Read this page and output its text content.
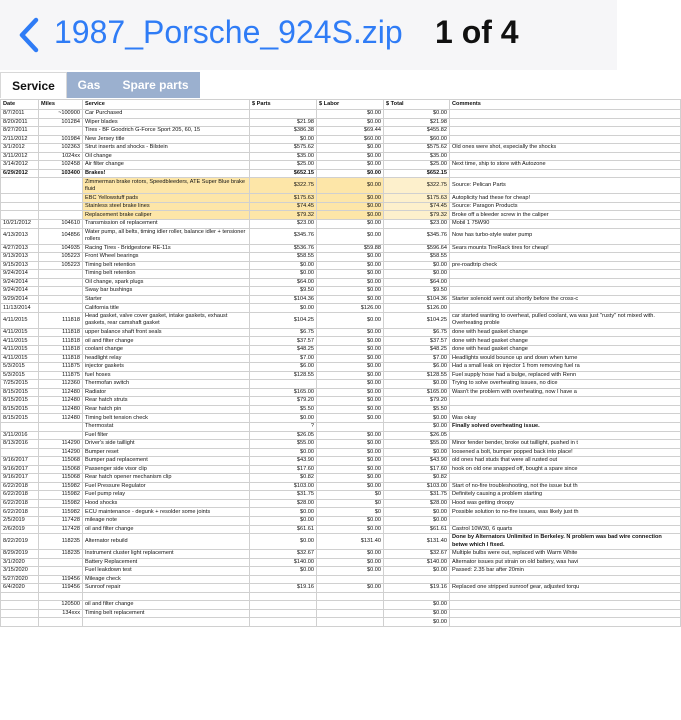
1987_Porsche_924S.zip 1 of 4
Service	Gas	Spare parts
Date	Miles	Service	$ Parts	$ Labor	$ Total	Comments
8/7/2011	~100900	Car Purchased		$0.00	$0.00	
8/20/2011	101284	Wiper blades	$21.98	$0.00	$21.98	
8/27/2011		Tires - BF Goodrich G-Force Sport 205, 60, 15	$386.38	$69.44	$455.82	
2/11/2012	101984	New Jersey title	$0.00	$60.00	$60.00	
3/1/2012	102363	Strut inserts and shocks - Bilstein	$575.62	$0.00	$575.62	Old ones were shot, especially the shocks
3/11/2012	1024xx	Oil change	$35.00	$0.00	$35.00	
3/14/2012	102458	Air filter change	$25.00	$0.00	$25.00	Next time, ship to store with Autozone
6/29/2012	103400	Brakes!	$652.15	$0.00	$652.15	
		Zimmerman brake rotors, Speedbleeders, ATE Super Blue brake fluid	$322.75	$0.00	$322.75	Source: Pelican Parts
		EBC Yellowstuff pads	$175.63	$0.00	$175.63	Autoplicity had these for cheap!
		Stainless steel brake lines	$74.45	$0.00	$74.45	Source: Paragon Products
		Replacement brake caliper	$79.32	$0.00	$79.32	Broke off a bleeder screw in the caliper
10/21/2012	104610	Transmission oil replacement	$23.00	$0.00	$23.00	Mobil 1 75W90
4/13/2013	104856	Water pump, all belts, timing idler roller, balance idler + tensioner rollers	$345.76	$0.00	$345.76	Now has turbo-style water pump
4/27/2013	104935	Racing Tires - Bridgestone RE-11s	$536.76	$59.88	$596.64	Sears mounts TireRack tires for cheap!
9/13/2013	105223	Front Wheel bearings	$58.55	$0.00	$58.55	
9/15/2013	105223	Timing belt retention	$0.00	$0.00	$0.00	pre-roadtrip check
9/24/2014		Timing belt retention	$0.00	$0.00	$0.00	
9/24/2014		Oil change, spark plugs	$64.00	$0.00	$64.00	
9/24/2014		Sway bar bushings	$9.50	$0.00	$9.50	
9/29/2014		Starter	$104.36	$0.00	$104.36	Starter solenoid went out shortly before the cross-c
11/13/2014		California title	$0.00	$126.00	$126.00	
4/11/2015	111818	Head gasket, valve cover gasket, intake gaskets, exhaust gaskets, rear camshaft gasket	$104.25	$0.00	$104.25	car started wanting to overheat, pulled coolant, wa was just "rusty" not mixed with. Overheating proble
4/11/2015	111818	upper balance shaft front seals	$6.75	$0.00	$6.75	done with head gasket change
4/11/2015	111818	oil and filter change	$37.57	$0.00	$37.57	done with head gasket change
4/11/2015	111818	coolant change	$48.25	$0.00	$48.25	done with head gasket change
4/11/2015	111818	headlight relay	$7.00	$0.00	$7.00	Headlights would bounce up and down when turne
5/3/2015	111875	injector gaskets	$6.00	$0.00	$6.00	Had a small leak on injector 1 from removing fuel ra
5/3/2015	111875	fuel hoses	$128.55	$0.00	$128.55	Fuel supply hose had a bulge, replaced with Renn
7/25/2015	112360	Thermofan switch		$0.00	$0.00	Trying to solve overheating issues, no dice
8/15/2015	112480	Radiator	$165.00	$0.00	$165.00	Wasn't the problem with overheating, now I have a
8/15/2015	112480	Rear hatch struts	$79.20	$0.00	$79.20	
8/15/2015	112480	Rear hatch pin	$5.50	$0.00	$5.50	
8/15/2015	112480	Timing belt tension check	$0.00	$0.00	$0.00	Was okay
		Thermostat	?		$0.00	Finally solved overheating issue.
3/11/2016		Fuel filter	$26.05	$0.00	$26.05	
8/13/2016	114290	Driver's side taillight	$55.00	$0.00	$55.00	Minor fender bender, broke out taillight, pushed in t
	114290	Bumper reset	$0.00	$0.00	$0.00	loosened a bolt, bumper popped back into place!
9/16/2017	115068	Bumper pad replacement	$43.90	$0.00	$43.90	old ones had studs that were all rusted out
9/16/2017	115068	Passenger side visor clip	$17.60	$0.00	$17.60	hook on old one snapped off, bought a spare since
9/16/2017	115068	Rear hatch opener mechanism clip	$0.82	$0.00	$0.82	
6/22/2018	115982	Fuel Pressure Regulator	$103.00	$0.00	$103.00	Start of no-fire troubleshooting, not the issue but th
6/22/2018	115982	Fuel pump relay	$31.75	$0	$31.75	Definitely causing a problem starting
6/22/2018	115982	Hood shocks	$28.00	$0	$28.00	Hood was getting droopy
6/22/2018	115982	ECU maintenance - degunk + resolder some joints	$0.00	$0	$0.00	Possible solution to no-fire issues, was likely just th
2/5/2019	117428	mileage note	$0.00	$0.00	$0.00	
2/6/2019	117428	oil and filter change	$61.61	$0.00	$61.61	Castrol 10W30, 6 quarts
8/22/2019	118235	Alternator rebuild	$0.00	$131.40	$131.40	Done by Alternators Unlimited in Berkeley. N problem was bad wire connection betwe which I fixed.
8/29/2019	118235	Instrument cluster light replacement	$32.67	$0.00	$32.67	Multiple bulbs were out, replaced with Warm White
3/1/2020		Battery Replacement	$140.00	$0.00	$140.00	Alternator issues put strain on old battery, was havi
3/15/2020		Fuel leakdown test	$0.00	$0.00	$0.00	Passed: 2.35 bar after 20min
5/27/2020	119456	Mileage check				
6/4/2020	119456	Sunroof repair	$19.16	$0.00	$19.16	Replaced one stripped sunroof gear, adjusted torqu

	120500	oil and filter change			$0.00	
	134xxx	Timing belt replacement			$0.00	
					$0.00	
